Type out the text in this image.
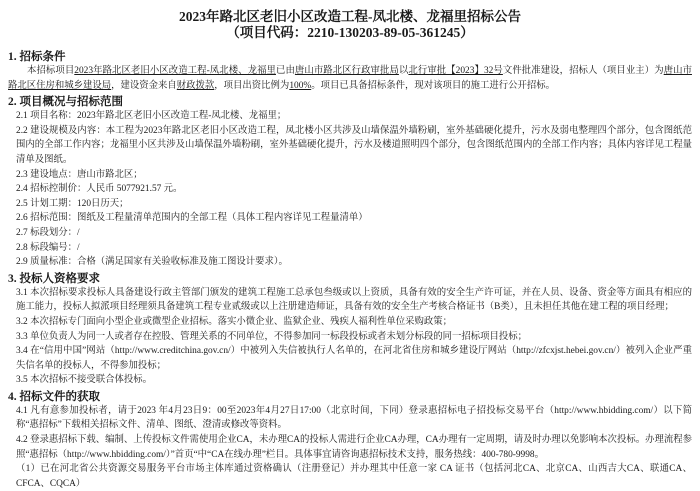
2023年路北区老旧小区改造工程-凤北楼、龙福里招标公告
（项目代码：2210-130203-89-05-361245）
1. 招标条件
本招标项目2023年路北区老旧小区改造工程-凤北楼、龙福里已由唐山市路北区行政审批局以北行审批【2023】32号文件批准建设，招标人（项目业主）为唐山市路北区住房和城乡建设局，建设资金来自财政拨款，项目出资比例为100%。项目已具备招标条件，现对该项目的施工进行公开招标。
2. 项目概况与招标范围
2.1 项目名称：2023年路北区老旧小区改造工程-凤北楼、龙福里；
2.2 建设规模及内容：本工程为2023年路北区老旧小区改造工程，凤北楼小区共涉及山墙保温外墙粉刷，室外基础硬化提升，污水及弱电整理四个部分，包含图纸范围内的全部工作内容；龙福里小区共涉及山墙保温外墙粉刷，室外基础硬化提升，污水及楼道照明四个部分，包含图纸范围内的全部工作内容；具体内容详见工程量清单及图纸。
2.3 建设地点：唐山市路北区；
2.4 招标控制价：人民币 5077921.57 元。
2.5 计划工期：120日历天；
2.6 招标范围：图纸及工程量清单范围内的全部工程（具体工程内容详见工程量清单）
2.7 标段划分：/
2.8 标段编号：/
2.9 质量标准：合格（满足国家有关验收标准及施工图设计要求）。
3. 投标人资格要求
3.1 本次招标要求投标人具备建设行政主管部门颁发的建筑工程施工总承包叁级或以上资质，具备有效的安全生产许可证，并在人员、设备、资金等方面具有相应的施工能力，投标人拟派项目经理须具备建筑工程专业贰级或以上注册建造师证，具备有效的安全生产考核合格证书（B类），且未担任其他在建工程的项目经理；
3.2 本次招标专门面向小型企业或微型企业招标。落实小微企业、监狱企业、残疾人福利性单位采购政策；
3.3 单位负责人为同一人或者存在控股、管理关系的不同单位，不得参加同一标段投标或者未划分标段的同一招标项目投标；
3.4 在“信用中国”网站（http://www.creditchina.gov.cn/）中被列入失信被执行人名单的，在河北省住房和城乡建设厅网站（http://zfcxjst.hebei.gov.cn/）被列入企业严重失信名单的投标人，不得参加投标；
3.5 本次招标不接受联合体投标。
4. 招标文件的获取
4.1 凡有意参加投标者，请于2023 年4月23日9：00至2023年4月27日17:00（北京时间，下同）登录惠招标电子招投标交易平台（http://www.hbidding.com/）以下简称“惠招标”下载相关招标文件、清单、图纸、澄清或修改等资料。
4.2 登录惠招标下载、编制、上传投标文件需使用企业CA，未办理CA的投标人需进行企业CA办理，CA办理有一定周期，请及时办理以免影响本次投标。办理流程参照“惠招标（http://www.hbidding.com/）”首页“中“CA在线办理”栏目。具体事宜请咨询惠招标技术支持，服务热线：400-780-9998。
（1）已在河北省公共资源交易服务平台市场主体库通过资格确认（注册登记）并办理其中任意一家 CA 证书（包括河北CA、北京CA、山西吉大CA、联通CA、CFCA、CQCA）
